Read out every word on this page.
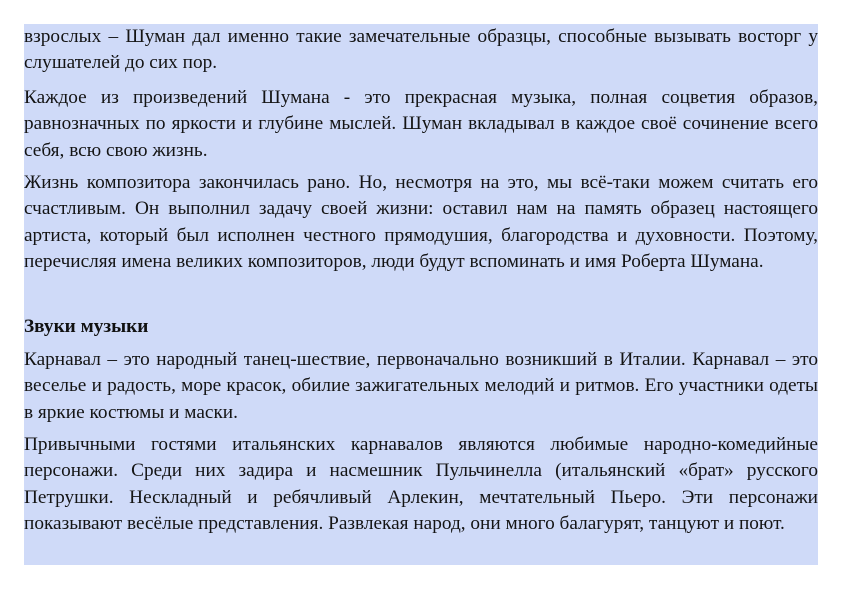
взрослых – Шуман дал именно такие замечательные образцы, способные вызывать восторг у слушателей до сих пор.

Каждое из произведений Шумана - это прекрасная музыка, полная соцветия образов, равнозначных по яркости и глубине мыслей. Шуман вкладывал в каждое своё сочинение всего себя, всю свою жизнь.

Жизнь композитора закончилась рано. Но, несмотря на это, мы всё-таки можем считать его счастливым. Он выполнил задачу своей жизни: оставил нам на память образец настоящего артиста, который был исполнен честного прямодушия, благородства и духовности. Поэтому, перечисляя имена великих композиторов, люди будут вспоминать и имя Роберта Шумана.

Звуки музыки

Карнавал – это народный танец-шествие, первоначально возникший в Италии. Карнавал – это веселье и радость, море красок, обилие зажигательных мелодий и ритмов. Его участники одеты в яркие костюмы и маски.

Привычными гостями итальянских карнавалов являются любимые народно-комедийные персонажи. Среди них задира и насмешник Пульчинелла (итальянский «брат» русского Петрушки. Нескладный и ребячливый Арлекин, мечтательный Пьеро. Эти персонажи показывают весёлые представления. Развлекая народ, они много балагурят, танцуют и поют.
